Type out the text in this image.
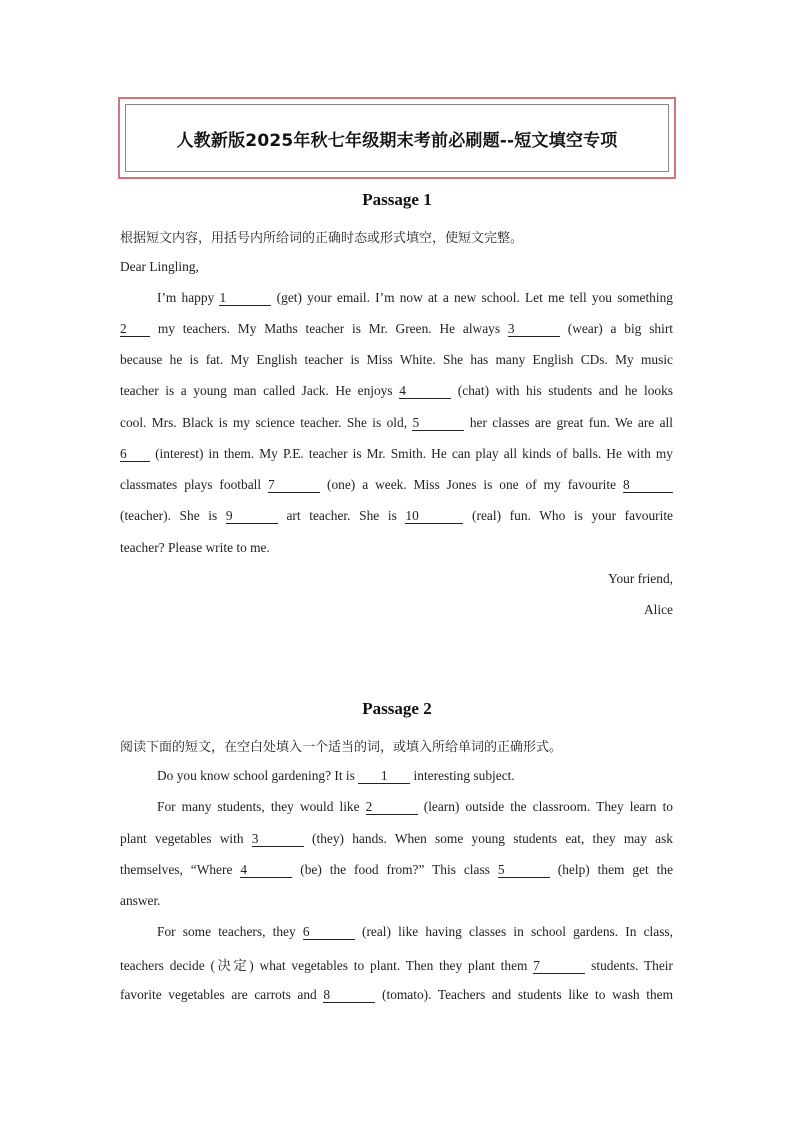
人教新版2025年秋七年级期末考前必刷题--短文填空专项
Passage 1
根据短文内容，用括号内所给词的正确时态或形式填空，使短文完整。
Dear Lingling,
I’m happy 1	(get) your email. I’m now at a new school. Let me tell you something
2 my teachers. My Maths teacher is Mr. Green. He always 3	(wear) a big shirt
because he is fat. My English teacher is Miss White. She has many English CDs. My music
teacher is a young man called Jack. He enjoys 4	(chat) with his students and he looks
cool. Mrs. Black is my science teacher. She is old, 5	her classes are great fun. We are all
6 (interest) in them. My P.E. teacher is Mr. Smith. He can play all kinds of balls. He with my
classmates plays football 7	(one) a week. Miss Jones is one of my favourite 8
(teacher). She is 9	art teacher. She is 10	(real) fun. Who is your favourite
teacher? Please write to me.
Your friend,
Alice
Passage 2
阅读下面的短文，在空白处填入一个适当的词，或填入所给单词的正确形式。
Do you know school gardening? It is 1 interesting subject.
For many students, they would like 2	(learn) outside the classroom. They learn to
plant vegetables with 3	(they) hands. When some young students eat, they may ask
themselves, “Where 4	(be) the food from?” This class 5	(help) them get the
answer.
For some teachers, they 6	(real) like having classes in school gardens. In class,
teachers decide (决定) what vegetables to plant. Then they plant them 7	students. Their
favorite vegetables are carrots and 8	(tomato). Teachers and students like to wash them
